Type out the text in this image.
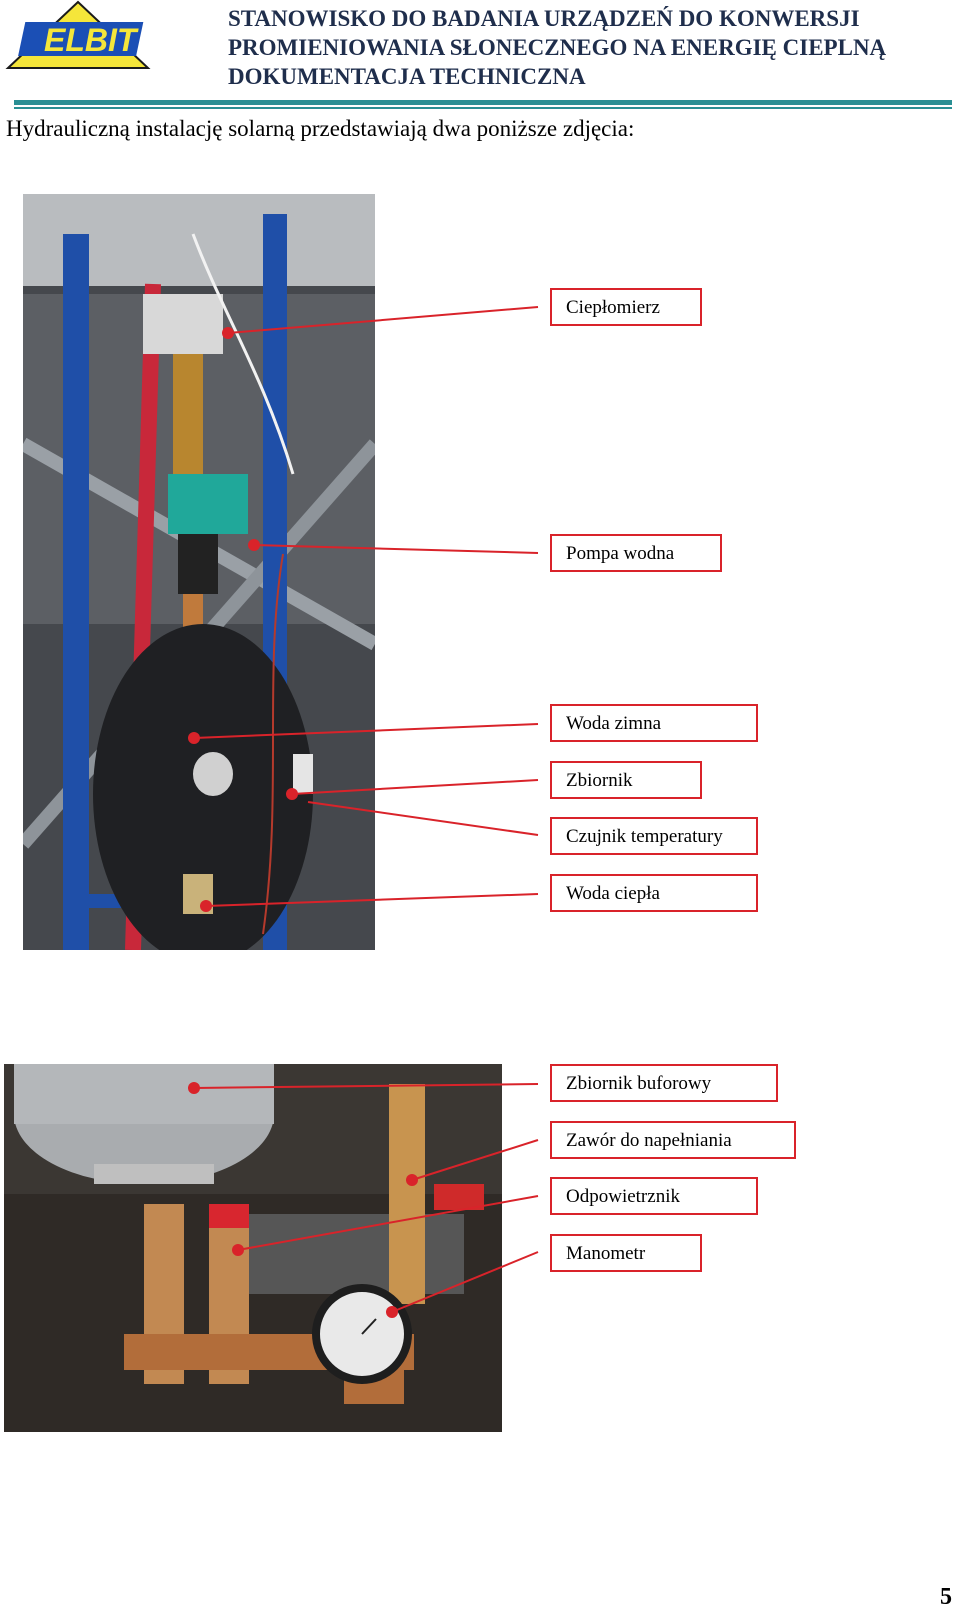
ELBIT
STANOWISKO DO BADANIA URZĄDZEŃ DO KONWERSJI
PROMIENIOWANIA SŁONECZNEGO NA ENERGIĘ CIEPLNĄ
DOKUMENTACJA TECHNICZNA
Hydrauliczną instalację solarną przedstawiają dwa poniższe zdjęcia:
Ciepłomierz
Pompa wodna
Woda zimna
Zbiornik
Czujnik temperatury
Woda ciepła
Zbiornik buforowy
Zawór do napełniania
Odpowietrznik
Manometr
5
